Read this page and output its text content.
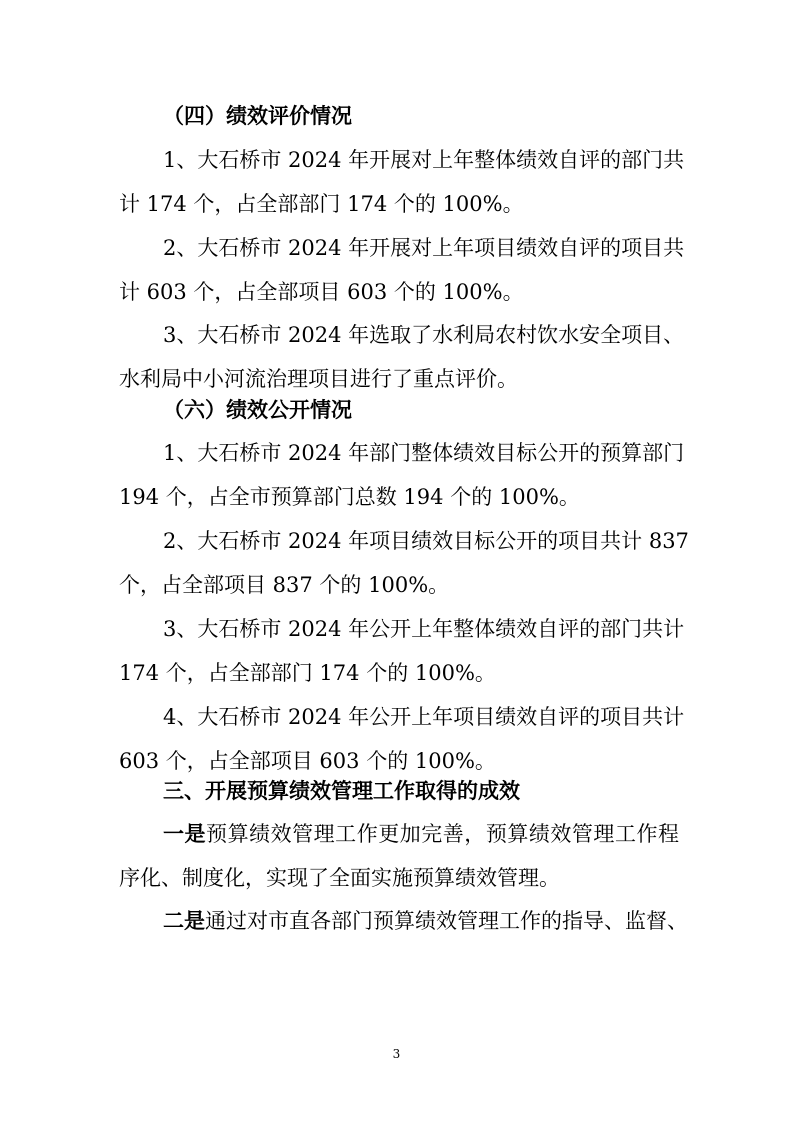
（四）绩效评价情况
1、大石桥市 2024 年开展对上年整体绩效自评的部门共
计 174 个，占全部部门 174 个的 100%。
2、大石桥市 2024 年开展对上年项目绩效自评的项目共
计 603 个，占全部项目 603 个的 100%。
3、大石桥市 2024 年选取了水利局农村饮水安全项目、
水利局中小河流治理项目进行了重点评价。
（六）绩效公开情况
1、大石桥市 2024 年部门整体绩效目标公开的预算部门
194 个，占全市预算部门总数 194 个的 100%。
2、大石桥市 2024 年项目绩效目标公开的项目共计 837
个，占全部项目 837 个的 100%。
3、大石桥市 2024 年公开上年整体绩效自评的部门共计
174 个，占全部部门 174 个的 100%。
4、大石桥市 2024 年公开上年项目绩效自评的项目共计
603 个，占全部项目 603 个的 100%。
三、开展预算绩效管理工作取得的成效
一是预算绩效管理工作更加完善，预算绩效管理工作程
序化、制度化，实现了全面实施预算绩效管理。
3
二是通过对市直各部门预算绩效管理工作的指导、监督、
